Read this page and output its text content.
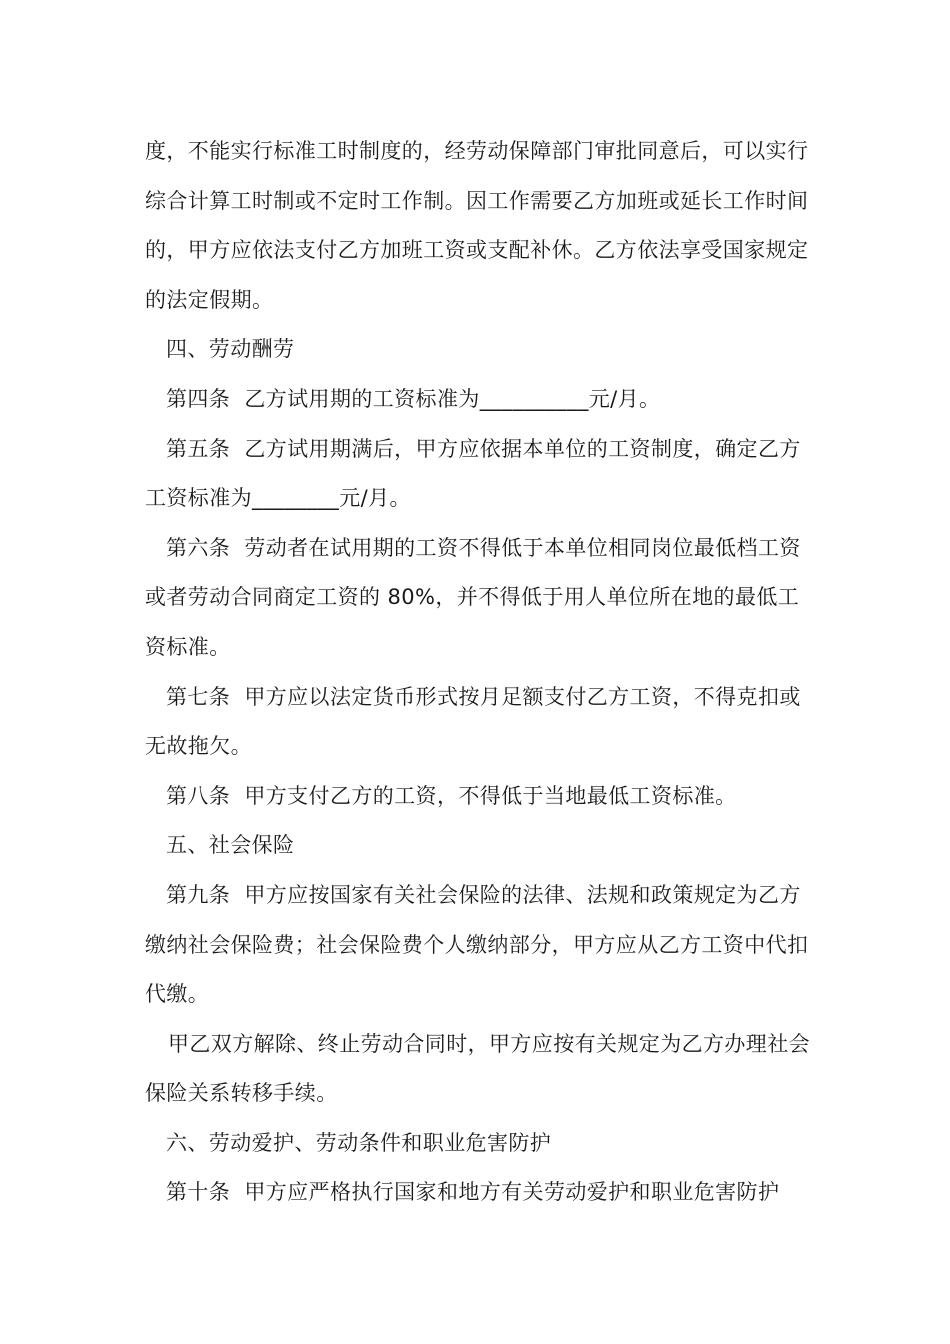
度，不能实行标准工时制度的，经劳动保障部门审批同意后，可以实行综合计算工时制或不定时工作制。因工作需要乙方加班或延长工作时间的，甲方应依法支付乙方加班工资或支配补休。乙方依法享受国家规定的法定假期。

四、劳动酬劳

第四条  乙方试用期的工资标准为__________元/月。

第五条  乙方试用期满后，甲方应依据本单位的工资制度，确定乙方工资标准为________元/月。

第六条  劳动者在试用期的工资不得低于本单位相同岗位最低档工资或者劳动合同商定工资的 80%，并不得低于用人单位所在地的最低工资标准。

第七条  甲方应以法定货币形式按月足额支付乙方工资，不得克扣或无故拖欠。

第八条  甲方支付乙方的工资，不得低于当地最低工资标准。

五、社会保险

第九条  甲方应按国家有关社会保险的法律、法规和政策规定为乙方缴纳社会保险费；社会保险费个人缴纳部分，甲方应从乙方工资中代扣代缴。

甲乙双方解除、终止劳动合同时，甲方应按有关规定为乙方办理社会保险关系转移手续。

六、劳动爱护、劳动条件和职业危害防护

第十条  甲方应严格执行国家和地方有关劳动爱护和职业危害防护
